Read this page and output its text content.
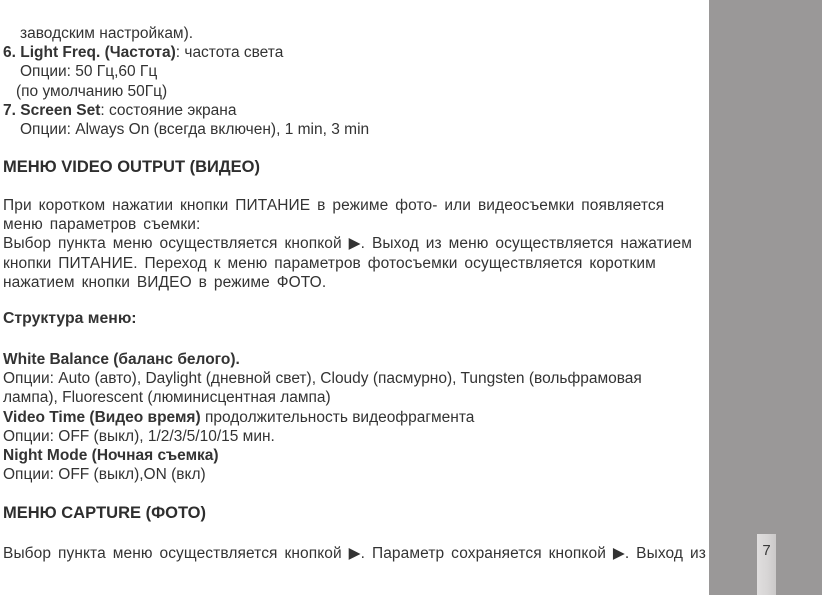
заводским настройкам).
6. Light Freq. (Частота): частота света
Опции: 50 Гц,60 Гц
(по умолчанию 50Гц)
7. Screen Set: состояние экрана
Опции: Always On (всегда включен), 1 min, 3 min
МЕНЮ VIDEO OUTPUT (ВИДЕО)
При коротком нажатии кнопки ПИТАНИЕ в режиме фото- или видеосъемки появляется
меню параметров съемки:
Выбор пункта меню осуществляется кнопкой ▶. Выход из меню осуществляется нажатием
кнопки ПИТАНИЕ. Переход к меню параметров фотосъемки осуществляется коротким
нажатием кнопки ВИДЕО в режиме ФОТО.
Структура меню:
White Balance (баланс белого).
Опции: Auto (авто), Daylight (дневной свет), Cloudy (пасмурно), Tungsten (вольфрамовая
лампа), Fluorescent (люминисцентная лампа)
Video Time (Видео время) продолжительность видеофрагмента
Опции: OFF (выкл), 1/2/3/5/10/15 мин.
Night Mode (Ночная съемка)
Опции: OFF (выкл),ON (вкл)
МЕНЮ CAPTURE (ФОТО)
Выбор пункта меню осуществляется кнопкой ▶. Параметр сохраняется кнопкой ▶. Выход из	7
